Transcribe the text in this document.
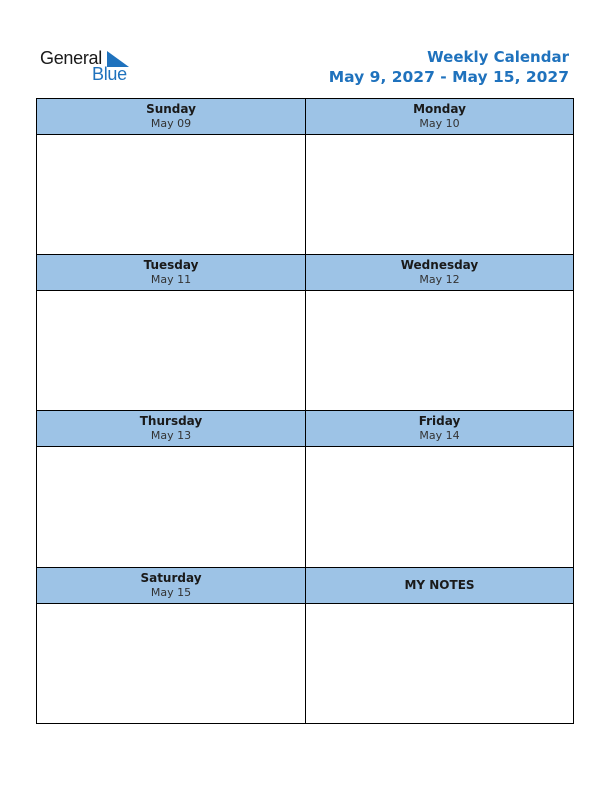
General
Blue
Weekly Calendar
May 9, 2027 - May 15, 2027
Sunday
May 09
Monday
May 10
Tuesday
May 11
Wednesday
May 12
Thursday
May 13
Friday
May 14
Saturday
May 15
MY NOTES
